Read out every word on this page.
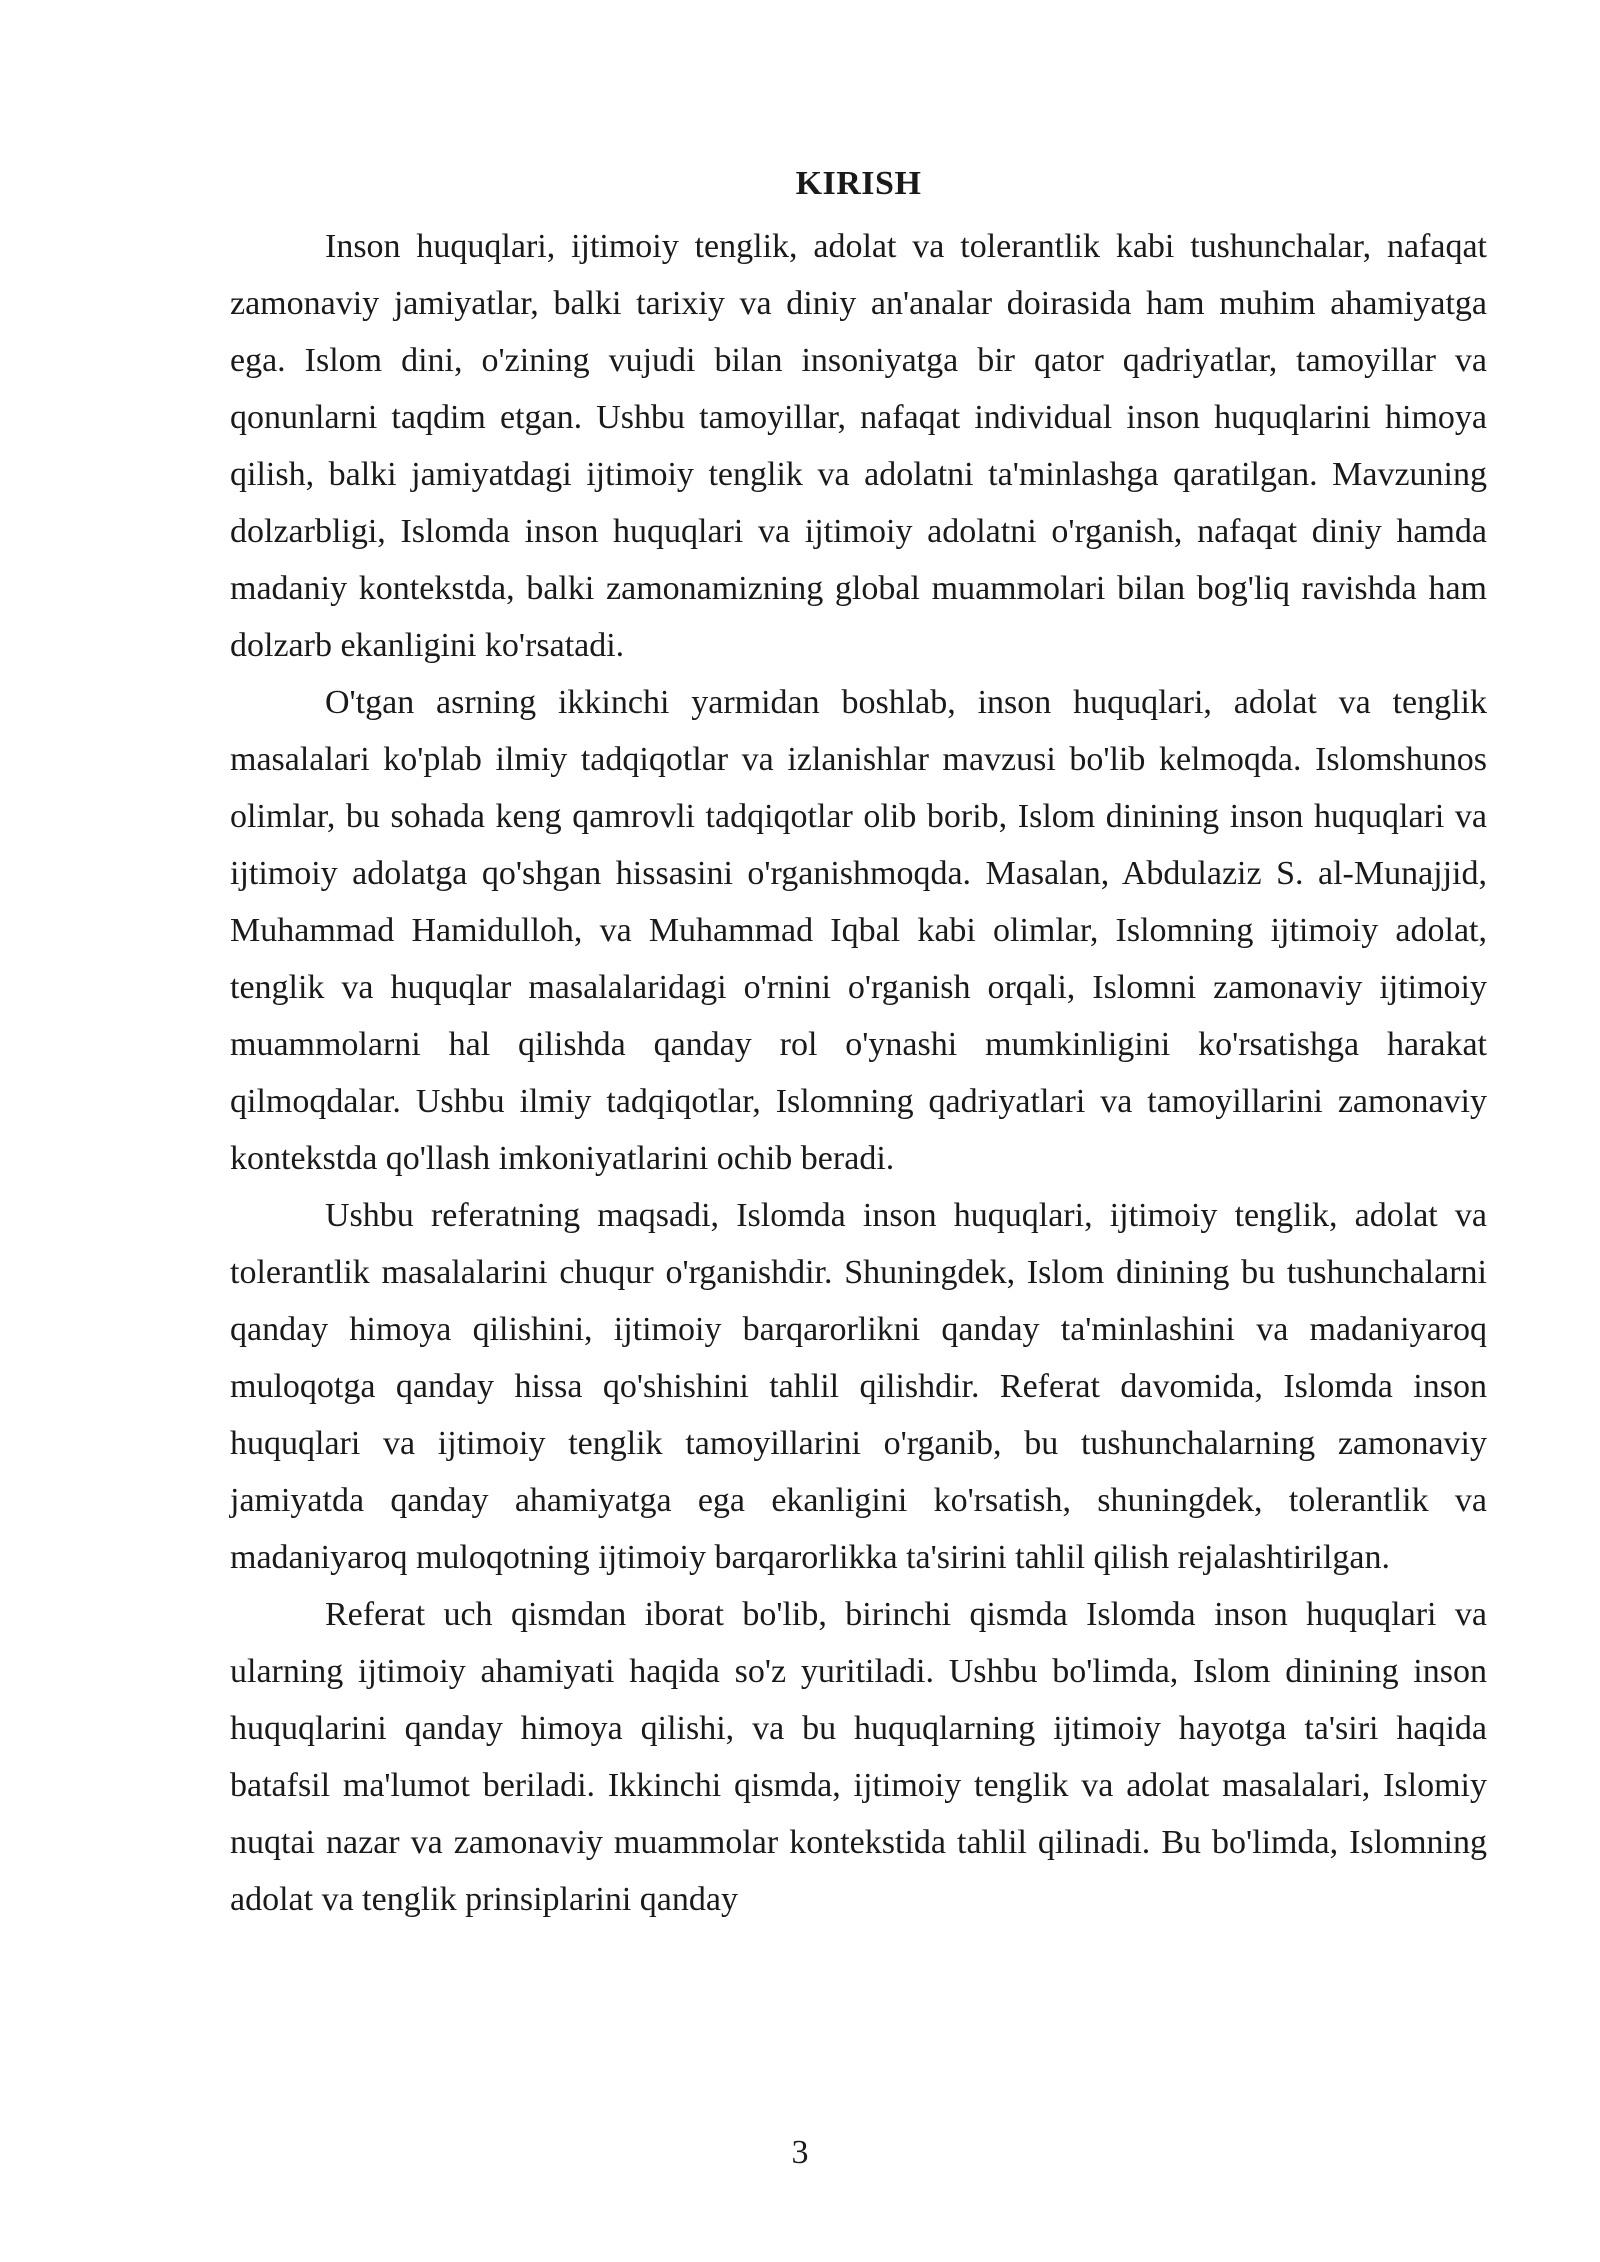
KIRISH

Inson huquqlari, ijtimoiy tenglik, adolat va tolerantlik kabi tushunchalar, nafaqat zamonaviy jamiyatlar, balki tarixiy va diniy an'analar doirasida ham muhim ahamiyatga ega. Islom dini, o'zining vujudi bilan insoniyatga bir qator qadriyatlar, tamoyillar va qonunlarni taqdim etgan. Ushbu tamoyillar, nafaqat individual inson huquqlarini himoya qilish, balki jamiyatdagi ijtimoiy tenglik va adolatni ta'minlashga qaratilgan. Mavzuning dolzarbligi, Islomda inson huquqlari va ijtimoiy adolatni o'rganish, nafaqat diniy hamda madaniy kontekstda, balki zamonamizning global muammolari bilan bog'liq ravishda ham dolzarb ekanligini ko'rsatadi.

O'tgan asrning ikkinchi yarmidan boshlab, inson huquqlari, adolat va tenglik masalalari ko'plab ilmiy tadqiqotlar va izlanishlar mavzusi bo'lib kelmoqda. Islomshunos olimlar, bu sohada keng qamrovli tadqiqotlar olib borib, Islom dinining inson huquqlari va ijtimoiy adolatga qo'shgan hissasini o'rganishmoqda. Masalan, Abdulaziz S. al-Munajjid, Muhammad Hamidulloh, va Muhammad Iqbal kabi olimlar, Islomning ijtimoiy adolat, tenglik va huquqlar masalalaridagi o'rnini o'rganish orqali, Islomni zamonaviy ijtimoiy muammolarni hal qilishda qanday rol o'ynashi mumkinligini ko'rsatishga harakat qilmoqdalar. Ushbu ilmiy tadqiqotlar, Islomning qadriyatlari va tamoyillarini zamonaviy kontekstda qo'llash imkoniyatlarini ochib beradi.

Ushbu referatning maqsadi, Islomda inson huquqlari, ijtimoiy tenglik, adolat va tolerantlik masalalarini chuqur o'rganishdir. Shuningdek, Islom dinining bu tushunchalarni qanday himoya qilishini, ijtimoiy barqarorlikni qanday ta'minlashini va madaniyaroq muloqotga qanday hissa qo'shishini tahlil qilishdir. Referat davomida, Islomda inson huquqlari va ijtimoiy tenglik tamoyillarini o'rganib, bu tushunchalarning zamonaviy jamiyatda qanday ahamiyatga ega ekanligini ko'rsatish, shuningdek, tolerantlik va madaniyaroq muloqotning ijtimoiy barqarorlikka ta'sirini tahlil qilish rejalashtirilgan.

Referat uch qismdan iborat bo'lib, birinchi qismda Islomda inson huquqlari va ularning ijtimoiy ahamiyati haqida so'z yuritiladi. Ushbu bo'limda, Islom dinining inson huquqlarini qanday himoya qilishi, va bu huquqlarning ijtimoiy hayotga ta'siri haqida batafsil ma'lumot beriladi. Ikkinchi qismda, ijtimoiy tenglik va adolat masalalari, Islomiy nuqtai nazar va zamonaviy muammolar kontekstida tahlil qilinadi. Bu bo'limda, Islomning adolat va tenglik prinsiplarini qanday

3
